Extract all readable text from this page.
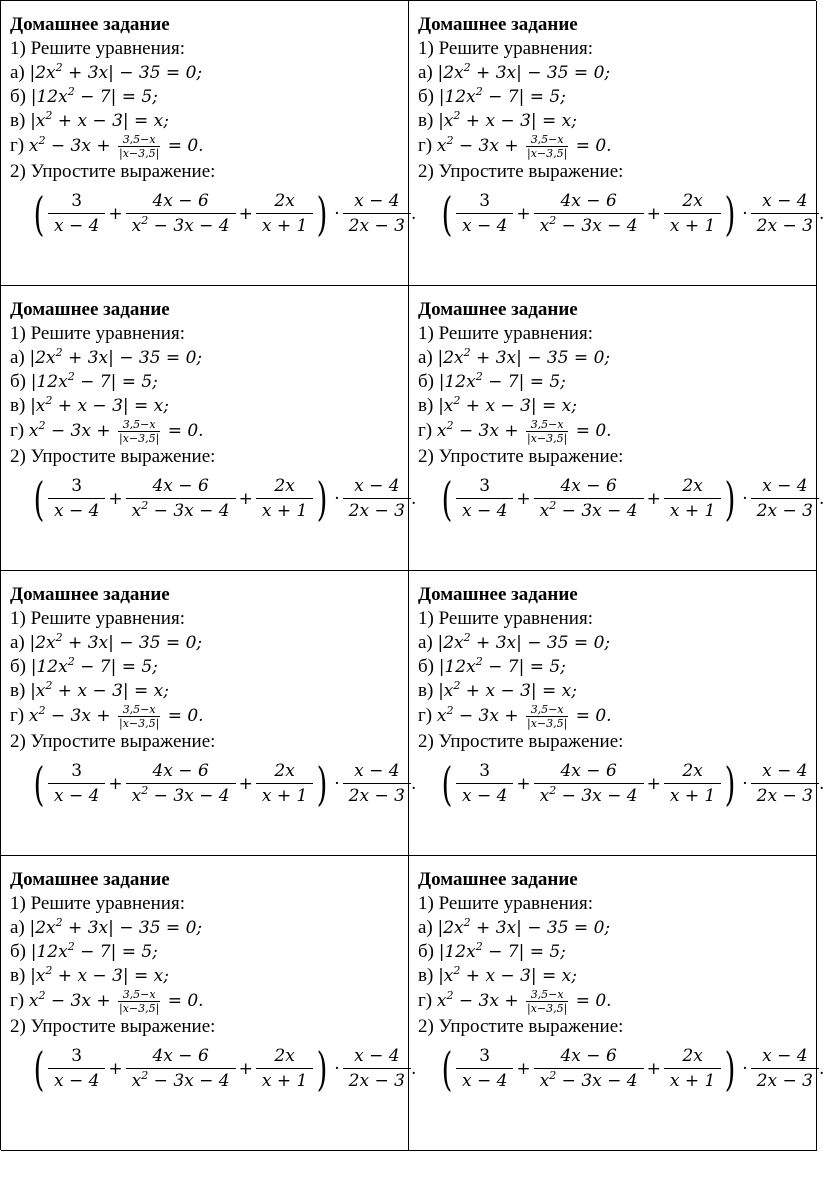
Домашнее задание
1) Решите уравнения:
а) $|2x^2 + 3x| - 35 = 0$;
б) $|12x^2 - 7| = 5$;
в) $|x^2 + x - 3| = x$;
г) $x^2 - 3x + \frac{3,5-x}{|x-3,5|} = 0$.
2) Упростите выражение:
( $\frac{3}{x - 4} + \frac{4x - 6}{x^2 - 3x - 4} + \frac{2x}{x + 1}$ ) · $\frac{x - 4}{2x - 3}$ .
Домашнее задание
1) Решите уравнения:
а) $|2x^2 + 3x| - 35 = 0$;
б) $|12x^2 - 7| = 5$;
в) $|x^2 + x - 3| = x$;
г) $x^2 - 3x + \frac{3,5-x}{|x-3,5|} = 0$.
2) Упростите выражение:
( $\frac{3}{x - 4} + \frac{4x - 6}{x^2 - 3x - 4} + \frac{2x}{x + 1}$ ) · $\frac{x - 4}{2x - 3}$ .
Домашнее задание
1) Решите уравнения:
а) $|2x^2 + 3x| - 35 = 0$;
б) $|12x^2 - 7| = 5$;
в) $|x^2 + x - 3| = x$;
г) $x^2 - 3x + \frac{3,5-x}{|x-3,5|} = 0$.
2) Упростите выражение:
( $\frac{3}{x - 4} + \frac{4x - 6}{x^2 - 3x - 4} + \frac{2x}{x + 1}$ ) · $\frac{x - 4}{2x - 3}$ .
Домашнее задание
1) Решите уравнения:
а) $|2x^2 + 3x| - 35 = 0$;
б) $|12x^2 - 7| = 5$;
в) $|x^2 + x - 3| = x$;
г) $x^2 - 3x + \frac{3,5-x}{|x-3,5|} = 0$.
2) Упростите выражение:
( $\frac{3}{x - 4} + \frac{4x - 6}{x^2 - 3x - 4} + \frac{2x}{x + 1}$ ) · $\frac{x - 4}{2x - 3}$ .
Домашнее задание
1) Решите уравнения:
а) $|2x^2 + 3x| - 35 = 0$;
б) $|12x^2 - 7| = 5$;
в) $|x^2 + x - 3| = x$;
г) $x^2 - 3x + \frac{3,5-x}{|x-3,5|} = 0$.
2) Упростите выражение:
( $\frac{3}{x - 4} + \frac{4x - 6}{x^2 - 3x - 4} + \frac{2x}{x + 1}$ ) · $\frac{x - 4}{2x - 3}$ .
Домашнее задание
1) Решите уравнения:
а) $|2x^2 + 3x| - 35 = 0$;
б) $|12x^2 - 7| = 5$;
в) $|x^2 + x - 3| = x$;
г) $x^2 - 3x + \frac{3,5-x}{|x-3,5|} = 0$.
2) Упростите выражение:
( $\frac{3}{x - 4} + \frac{4x - 6}{x^2 - 3x - 4} + \frac{2x}{x + 1}$ ) · $\frac{x - 4}{2x - 3}$ .
Домашнее задание
1) Решите уравнения:
а) $|2x^2 + 3x| - 35 = 0$;
б) $|12x^2 - 7| = 5$;
в) $|x^2 + x - 3| = x$;
г) $x^2 - 3x + \frac{3,5-x}{|x-3,5|} = 0$.
2) Упростите выражение:
( $\frac{3}{x - 4} + \frac{4x - 6}{x^2 - 3x - 4} + \frac{2x}{x + 1}$ ) · $\frac{x - 4}{2x - 3}$ .
Домашнее задание
1) Решите уравнения:
а) $|2x^2 + 3x| - 35 = 0$;
б) $|12x^2 - 7| = 5$;
в) $|x^2 + x - 3| = x$;
г) $x^2 - 3x + \frac{3,5-x}{|x-3,5|} = 0$.
2) Упростите выражение:
( $\frac{3}{x - 4} + \frac{4x - 6}{x^2 - 3x - 4} + \frac{2x}{x + 1}$ ) · $\frac{x - 4}{2x - 3}$ .
